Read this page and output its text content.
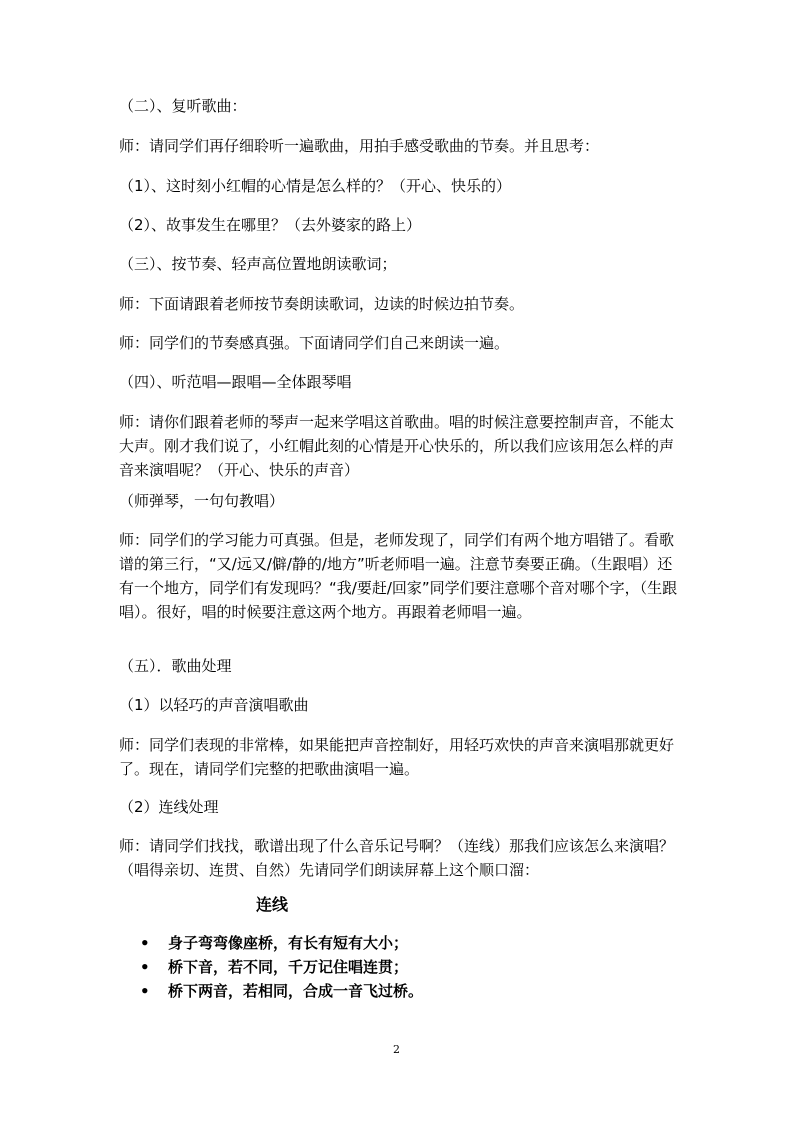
（二）、复听歌曲：

师：请同学们再仔细聆听一遍歌曲，用拍手感受歌曲的节奏。并且思考：

（1）、这时刻小红帽的心情是怎么样的？（开心、快乐的）

（2）、故事发生在哪里？（去外婆家的路上）

（三）、按节奏、轻声高位置地朗读歌词；

师：下面请跟着老师按节奏朗读歌词，边读的时候边拍节奏。

师：同学们的节奏感真强。下面请同学们自己来朗读一遍。

（四）、听范唱—跟唱—全体跟琴唱

师：请你们跟着老师的琴声一起来学唱这首歌曲。唱的时候注意要控制声音，不能太大声。刚才我们说了，小红帽此刻的心情是开心快乐的，所以我们应该用怎么样的声音来演唱呢？（开心、快乐的声音）

（师弹琴，一句句教唱）

师：同学们的学习能力可真强。但是，老师发现了，同学们有两个地方唱错了。看歌谱的第三行，“又/远又/僻/静的/地方”听老师唱一遍。注意节奏要正确。（生跟唱）还有一个地方，同学们有发现吗？“我/要赶/回家”同学们要注意哪个音对哪个字，（生跟唱）。很好，唱的时候要注意这两个地方。再跟着老师唱一遍。

（五）．歌曲处理

（1）以轻巧的声音演唱歌曲

师：同学们表现的非常棒，如果能把声音控制好，用轻巧欢快的声音来演唱那就更好了。现在，请同学们完整的把歌曲演唱一遍。

（2）连线处理

师：请同学们找找，歌谱出现了什么音乐记号啊？（连线）那我们应该怎么来演唱？（唱得亲切、连贯、自然）先请同学们朗读屏幕上这个顺口溜：

连线
• 身子弯弯像座桥，有长有短有大小；
• 桥下音，若不同，千万记住唱连贯；
• 桥下两音，若相同，合成一音飞过桥。
2
